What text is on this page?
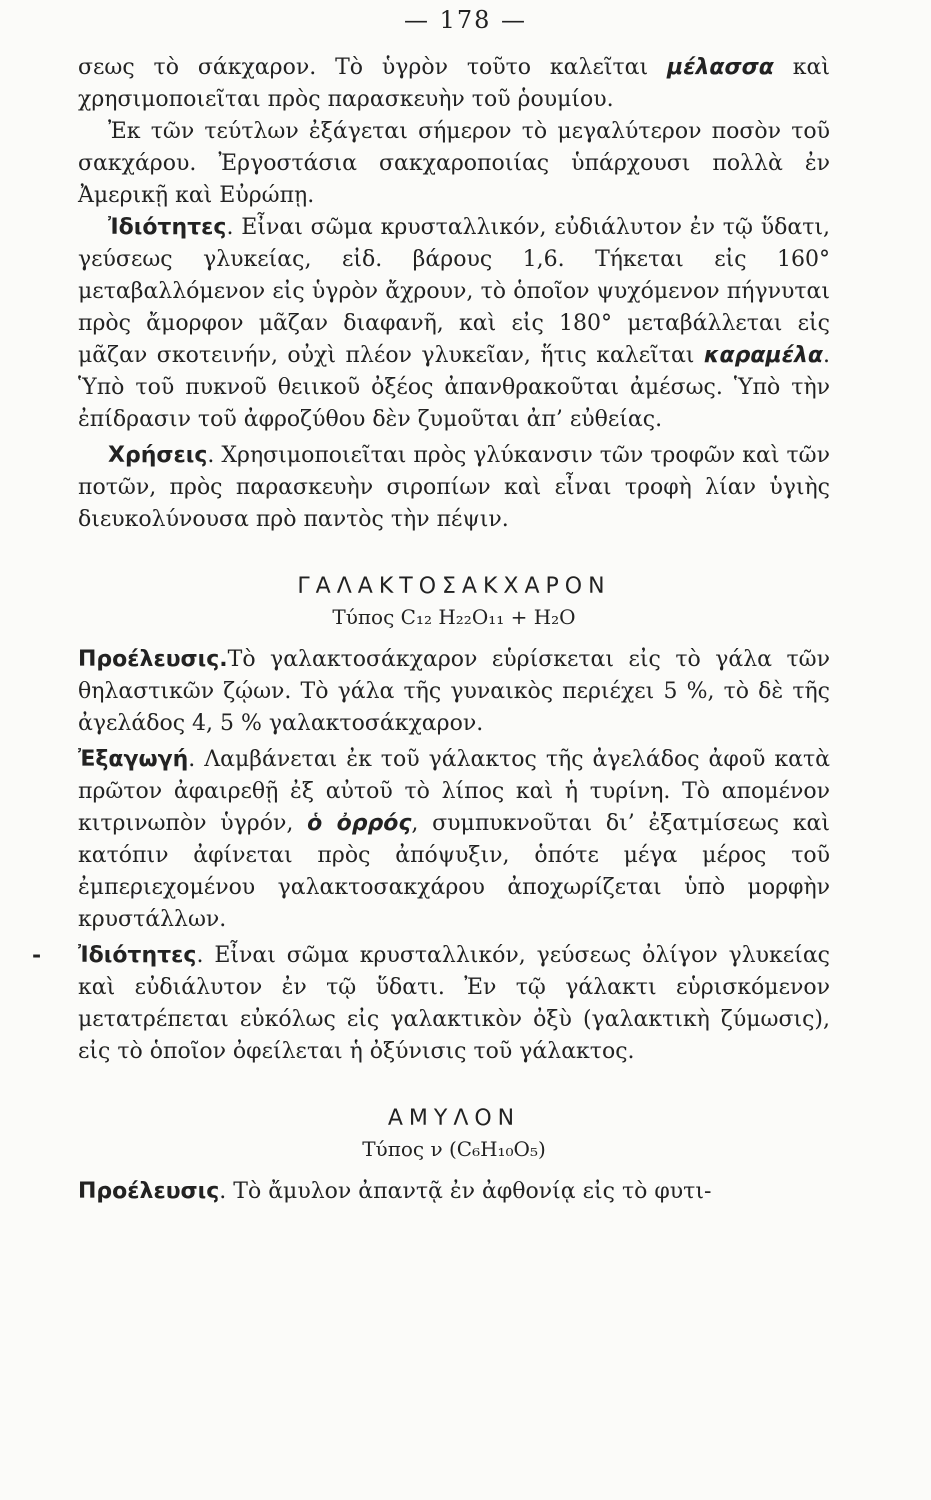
— 178 —
-

σεως τὸ σάκχαρον. Τὸ ὑγρὸν τοῦτο καλεῖται μέλασσα καὶ χρησιμοποιεῖται πρὸς παρασκευὴν τοῦ ῥουμίου.

Ἐκ τῶν τεύτλων ἐξάγεται σήμερον τὸ μεγαλύτερον ποσὸν τοῦ σακχάρου. Ἐργοστάσια σακχαροποιίας ὑπάρχουσι πολλὰ ἐν Ἀμερικῇ καὶ Εὐρώπῃ.

Ἰδιότητες. Εἶναι σῶμα κρυσταλλικόν, εὐδιάλυτον ἐν τῷ ὕδατι, γεύσεως γλυκείας, εἰδ. βάρους 1,6. Τήκεται εἰς 160° μεταβαλλόμενον εἰς ὑγρὸν ἄχρουν, τὸ ὁποῖον ψυχόμενον πήγνυται πρὸς ἄμορφον μᾶζαν διαφανῆ, καὶ εἰς 180° μεταβάλλεται εἰς μᾶζαν σκοτεινήν, οὐχὶ πλέον γλυκεῖαν, ἥτις καλεῖται καραμέλα. Ὑπὸ τοῦ πυκνοῦ θειικοῦ ὀξέος ἀπανθρακοῦται ἀμέσως. Ὑπὸ τὴν ἐπίδρασιν τοῦ ἀφροζύθου δὲν ζυμοῦται ἀπ’ εὐθείας.

Χρήσεις. Χρησιμοποιεῖται πρὸς γλύκανσιν τῶν τροφῶν καὶ τῶν ποτῶν, πρὸς παρασκευὴν σιροπίων καὶ εἶναι τροφὴ λίαν ὑγιὴς διευκολύνουσα πρὸ παντὸς τὴν πέψιν.

ΓΑΛΑΚΤΟΣΑΚΧΑΡΟΝ

Τύπος C₁₂ H₂₂O₁₁ + H₂O

Προέλευσις.Τὸ γαλακτοσάκχαρον εὑρίσκεται εἰς τὸ γάλα τῶν θηλαστικῶν ζῴων. Τὸ γάλα τῆς γυναικὸς περιέχει 5 %, τὸ δὲ τῆς ἀγελάδος 4, 5 % γαλακτοσάκχαρον.

Ἐξαγωγή. Λαμβάνεται ἐκ τοῦ γάλακτος τῆς ἀγελάδος ἀφοῦ κατὰ πρῶτον ἀφαιρεθῇ ἐξ αὐτοῦ τὸ λίπος καὶ ἡ τυρίνη. Τὸ απομένον κιτρινωπὸν ὑγρόν, ὁ ὀρρός, συμπυκνοῦται δι’ ἐξατμίσεως καὶ κατόπιν ἀφίνεται πρὸς ἀπόψυξιν, ὁπότε μέγα μέρος τοῦ ἐμπεριεχομένου γαλακτοσακχάρου ἀποχωρίζεται ὑπὸ μορφὴν κρυστάλλων.

Ἰδιότητες. Εἶναι σῶμα κρυσταλλικόν, γεύσεως ὀλίγον γλυκείας καὶ εὐδιάλυτον ἐν τῷ ὕδατι. Ἐν τῷ γάλακτι εὑρισκόμενον μετατρέπεται εὐκόλως εἰς γαλακτικὸν ὀξὺ (γαλακτικὴ ζύμωσις), εἰς τὸ ὁποῖον ὀφείλεται ἡ ὀξύνισις τοῦ γάλακτος.

ΑΜΥΛΟΝ

Τύπος ν (C₆H₁₀O₅)

Προέλευσις. Τὸ ἄμυλον ἀπαντᾷ ἐν ἀφθονίᾳ εἰς τὸ φυτι-
